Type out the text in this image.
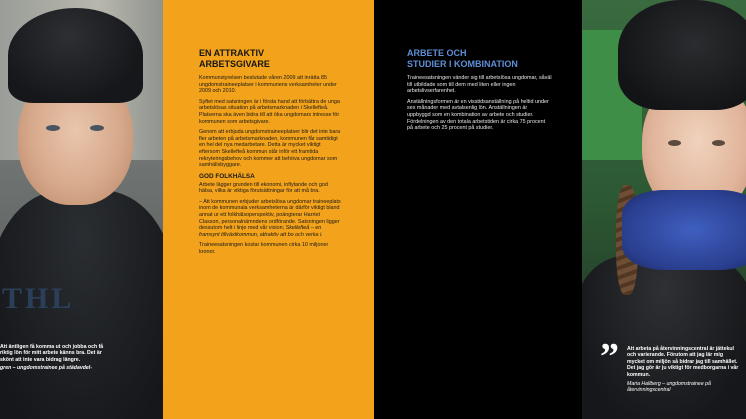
THL
Att äntligen få komma ut och jobba och få riktig lön för mitt arbete känns bra. Det är skönt att inte vara bidrag längre.
gren – ungdomstrainee på städavdel-
EN ATTRAKTIV
ARBETSGIVARE

Kommunstyrelsen beslutade våren 2009 att inrätta 85 ungdomstraineeplatser i kommunens verksamheter under 2009 och 2010.

Syftet med satsningen är i första hand att förbättra de unga arbetslösas situation på arbetsmarknaden i Skellefteå. Platserna ska även bidra till att öka ungdomars intresse för kommunen som arbetsgivare.

Genom att erbjuda ungdomstraineeplatser blir det inte bara fler arbeten på arbetsmarknaden, kommunen får samtidigt en hel del nya medarbetare. Detta är mycket viktigt eftersom Skellefteå kommun står inför ett framtida rekryteringsbehov och kommer att behöva ungdomar som samhällsbyggare.

GOD FOLKHÄLSA

Arbete lägger grunden till ekonomi, inflytande och god hälsa, vilka är viktiga förutsättningar för att må bra.

– Att kommunen erbjuder arbetslösa ungdomar traineeplats inom de kommunala verksamheterna är därför viktigt bland annat ur ett folkhälsoperspektiv, poängterar Harriet Classon, personalnämndens ordförande. Satsningen ligger dessutom helt i linje med vår vision; Skellefteå – en framsynt tillväxtkommun, attraktiv att bo och verka i.

Traineesatsningen kostar kommunen cirka 10 miljoner kronor.

ARBETE OCH
STUDIER I KOMBINATION

Traineesatsningen vänder sig till arbetslösa ungdomar, såväl till utbildade som till dem med liten eller ingen arbetslivserfarenhet.

Anställningsformen är en visstidsanställning på heltid under sex månader med avtalsenlig lön. Anställningen är uppbyggd som en kombination av arbete och studier. Fördelningen av den totala arbetstiden är cirka 75 procent på arbete och 25 procent på studier.

” Att arbeta på återvinningscentral är jättekul och varierande. Förutom att jag lär mig mycket om miljön så bidrar jag till samhället. Det jag gör är ju viktigt för medborgarna i vår kommun.
Maria Hallberg – ungdomstrainee på återvinningscentral
